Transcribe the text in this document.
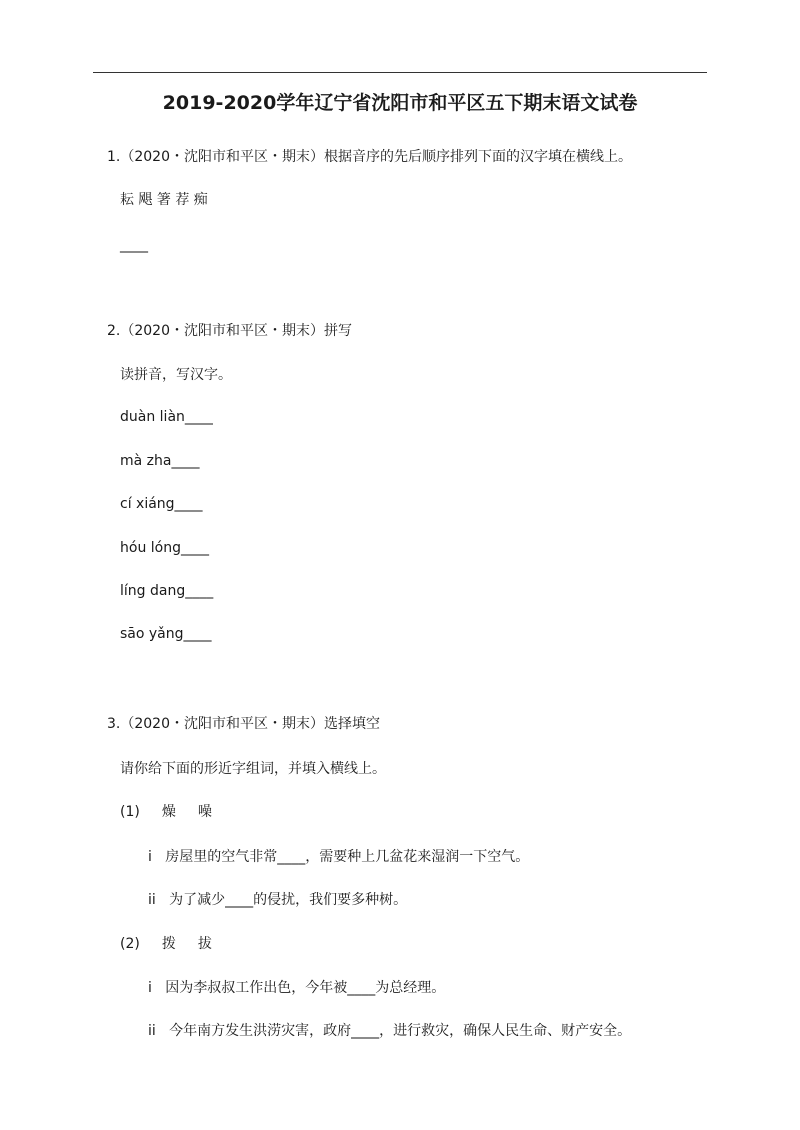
2019-2020学年辽宁省沈阳市和平区五下期末语文试卷
1.（2020・沈阳市和平区・期末）根据音序的先后顺序排列下面的汉字填在横线上。
耘 飓 箸 荐 痴
____
2.（2020・沈阳市和平区・期末）拼写
读拼音，写汉字。
duàn liàn____
mà zha____
cí xiáng____
hóu lóng____
líng dang____
sāo yǎng____
3.（2020・沈阳市和平区・期末）选择填空
请你给下面的形近字组词，并填入横线上。
(1) 燥 噪
i 房屋里的空气非常____，需要种上几盆花来湿润一下空气。
ii 为了减少____的侵扰，我们要多种树。
(2) 拨 拔
i 因为李叔叔工作出色，今年被____为总经理。
ii 今年南方发生洪涝灾害，政府____，进行救灾，确保人民生命、财产安全。
